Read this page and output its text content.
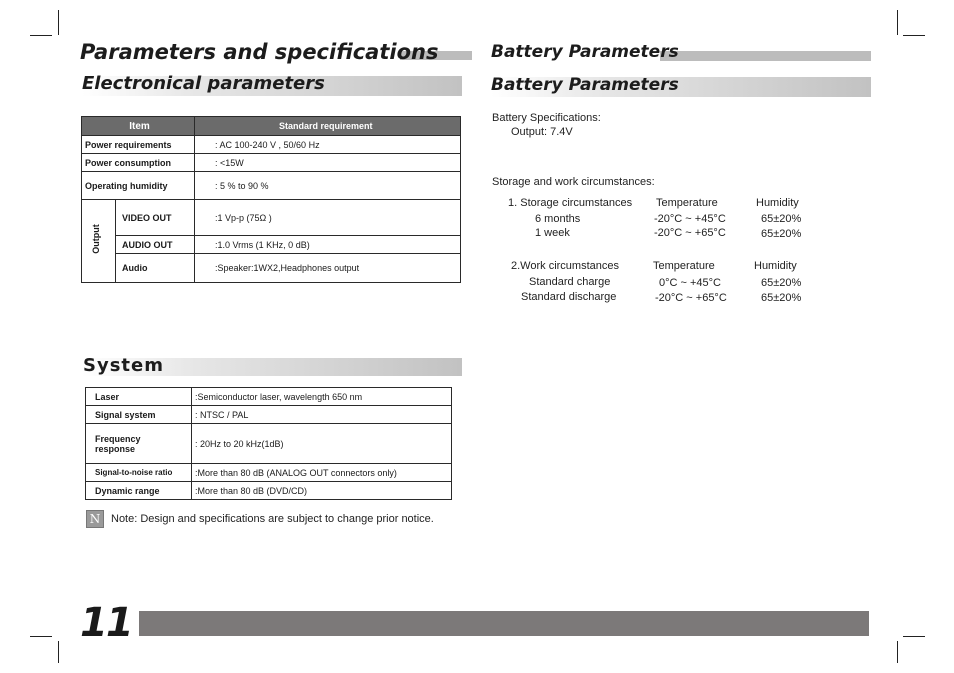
Parameters and specifications
Electronical parameters
Battery Parameters
Battery Parameters
Item		Standard requirement
Power requirements		: AC 100-240 V , 50/60 Hz
Power consumption		: <15W
Operating humidity		: 5 % to 90 %

Output	VIDEO OUT	:1 Vp-p (75Ω )
	AUDIO OUT	:1.0 Vrms (1 KHz, 0 dB)
	Audio	:Speaker:1WX2,Headphones output
System
Laser	:Semiconductor laser, wavelength 650 nm
Signal system	: NTSC / PAL
Frequency response	: 20Hz to 20 kHz(1dB)
Signal-to-noise ratio	:More than 80 dB (ANALOG OUT connectors only)
Dynamic range	:More than 80 dB (DVD/CD)
N Note: Design and specifications are subject to change prior notice.
Battery Specifications:
Output: 7.4V
Storage and work circumstances:
1. Storage circumstances Temperature	Humidity
6 months	-20°C ~ +45°C	65±20%
1 week	-20°C ~ +65°C	65±20%
2.Work circumstances	Temperature	Humidity
Standard charge	0°C ~ +45°C	65±20%
Standard discharge	-20°C ~ +65°C	65±20%
11
